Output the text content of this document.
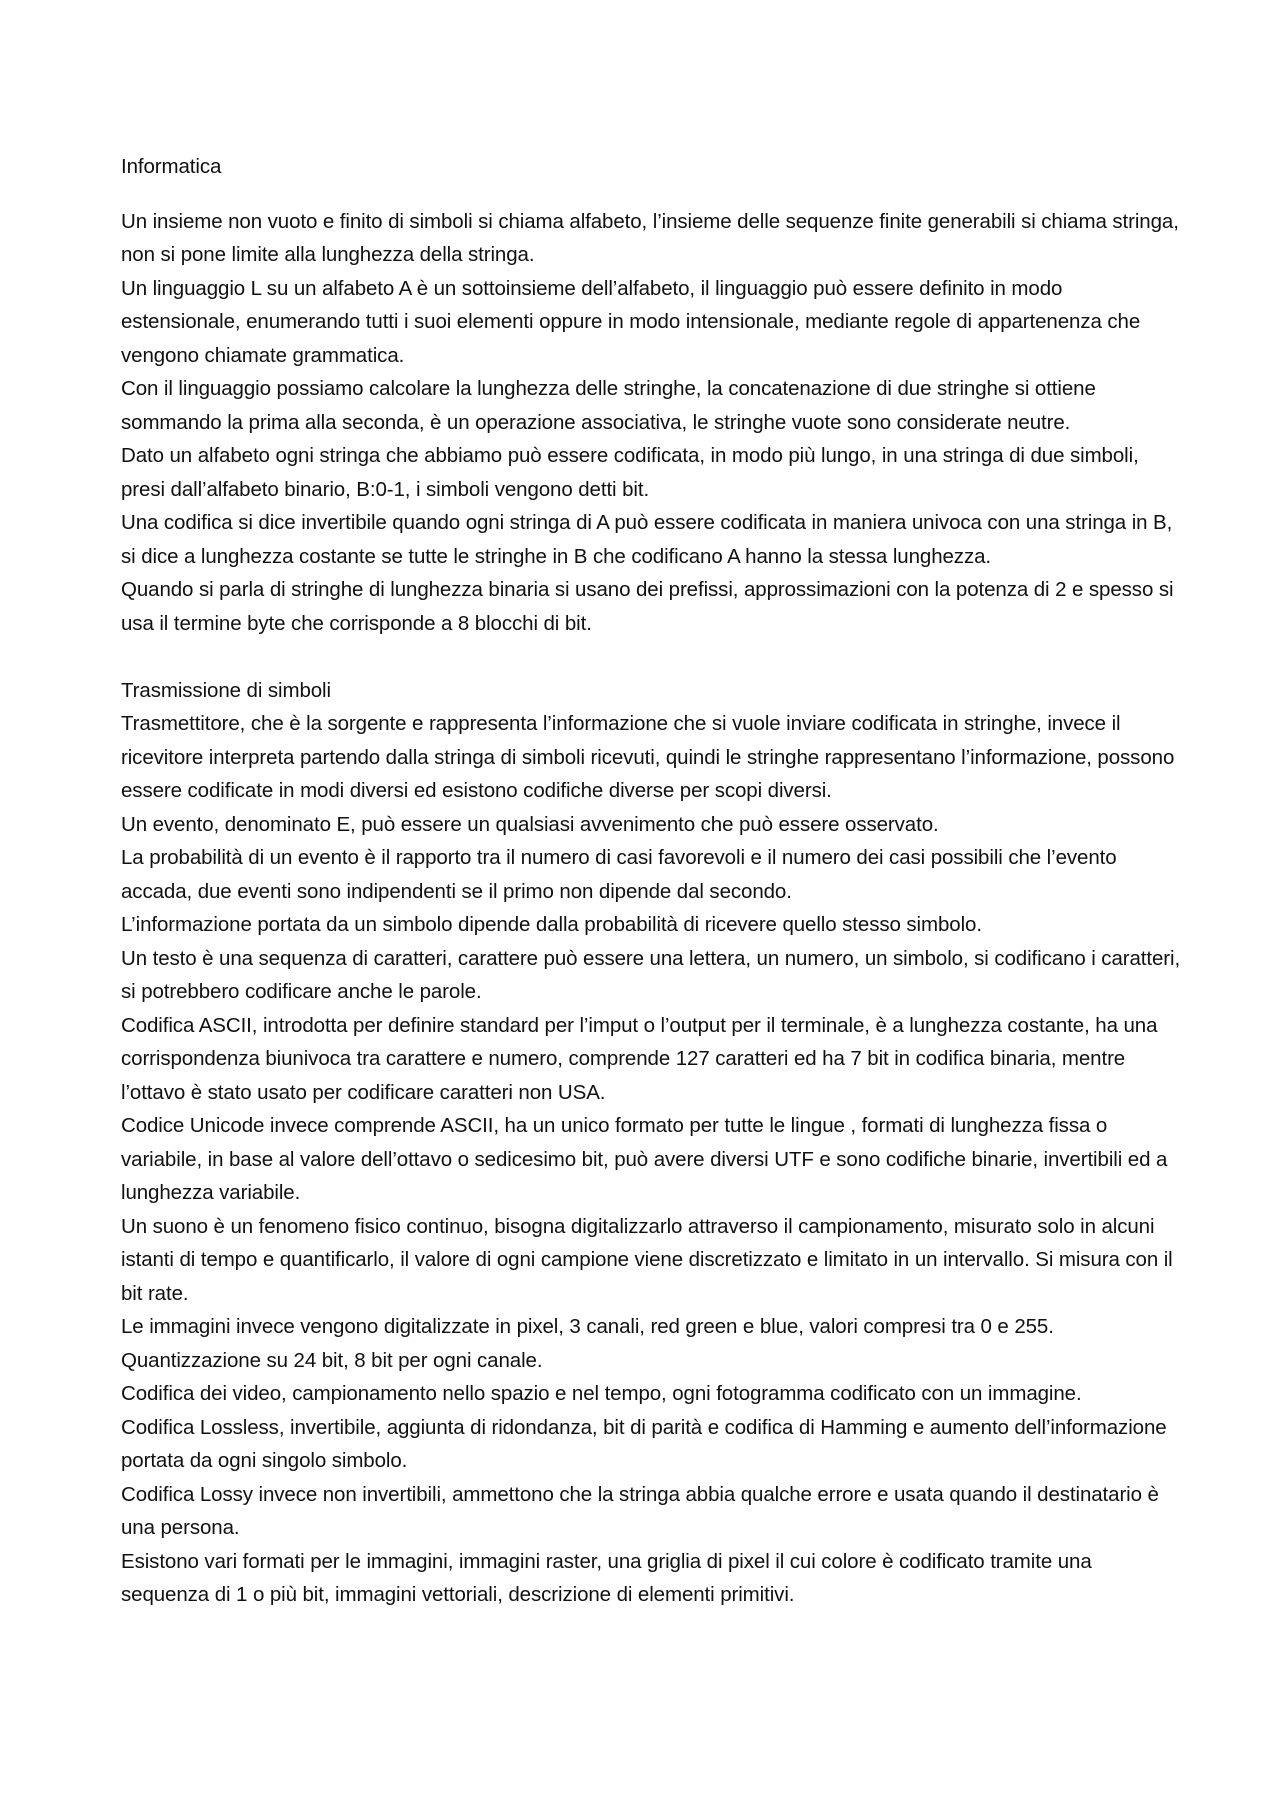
Informatica

Un insieme non vuoto e finito di simboli si chiama alfabeto, l’insieme delle sequenze finite generabili si chiama stringa, non si pone limite alla lunghezza della stringa.

Un linguaggio L su un alfabeto A è un sottoinsieme dell’alfabeto, il linguaggio può essere definito in modo estensionale, enumerando tutti i suoi elementi oppure in modo intensionale, mediante regole di appartenenza che vengono chiamate grammatica.

Con il linguaggio possiamo calcolare la lunghezza delle stringhe, la concatenazione di due stringhe si ottiene sommando la prima alla seconda, è un operazione associativa, le stringhe vuote sono considerate neutre.

Dato un alfabeto ogni stringa che abbiamo può essere codificata, in modo più lungo, in una stringa di due simboli, presi dall’alfabeto binario, B:0-1, i simboli vengono detti bit.

Una codifica si dice invertibile quando ogni stringa di A può essere codificata in maniera univoca con una stringa in B, si dice a lunghezza costante se tutte le stringhe in B che codificano A hanno la stessa lunghezza.

Quando si parla di stringhe di lunghezza binaria si usano dei prefissi, approssimazioni con la potenza di 2 e spesso si usa il termine byte che corrisponde a 8 blocchi di bit.

Trasmissione di simboli

Trasmettitore, che è la sorgente e rappresenta l’informazione che si vuole inviare codificata in stringhe, invece il ricevitore interpreta partendo dalla stringa di simboli ricevuti, quindi le stringhe rappresentano l’informazione, possono essere codificate in modi diversi ed esistono codifiche diverse per scopi diversi.

Un evento, denominato E, può essere un qualsiasi avvenimento che può essere osservato.

La probabilità di un evento è il rapporto tra il numero di casi favorevoli e il numero dei casi possibili che l’evento accada, due eventi sono indipendenti se il primo non dipende dal secondo.

L’informazione portata da un simbolo dipende dalla probabilità di ricevere quello stesso simbolo.

Un testo è una sequenza di caratteri, carattere può essere una lettera, un numero, un simbolo, si codificano i caratteri, si potrebbero codificare anche le parole.

Codifica ASCII, introdotta per definire standard per l’imput o l’output per il terminale, è a lunghezza costante, ha una corrispondenza biunivoca tra carattere e numero, comprende 127 caratteri ed ha 7 bit in codifica binaria, mentre l’ottavo è stato usato per codificare caratteri non USA.

Codice Unicode invece comprende ASCII, ha un unico formato per tutte le lingue , formati di lunghezza fissa o variabile, in base al valore dell’ottavo o sedicesimo bit, può avere diversi UTF e sono codifiche binarie, invertibili ed a lunghezza variabile.

Un suono è un fenomeno fisico continuo, bisogna digitalizzarlo attraverso il campionamento, misurato solo in alcuni istanti di tempo e quantificarlo, il valore di ogni campione viene discretizzato e limitato in un intervallo. Si misura con il bit rate.

Le immagini invece vengono digitalizzate in pixel, 3 canali, red green e blue, valori compresi tra 0 e 255. Quantizzazione su 24 bit, 8 bit per ogni canale.

Codifica dei video, campionamento nello spazio e nel tempo, ogni fotogramma codificato con un immagine.

Codifica Lossless, invertibile, aggiunta di ridondanza, bit di parità e codifica di Hamming e aumento dell’informazione portata da ogni singolo simbolo.

Codifica Lossy invece non invertibili, ammettono che la stringa abbia qualche errore e usata quando il destinatario è una persona.

Esistono vari formati per le immagini, immagini raster, una griglia di pixel il cui colore è codificato tramite una sequenza di 1 o più bit, immagini vettoriali, descrizione di elementi primitivi.
